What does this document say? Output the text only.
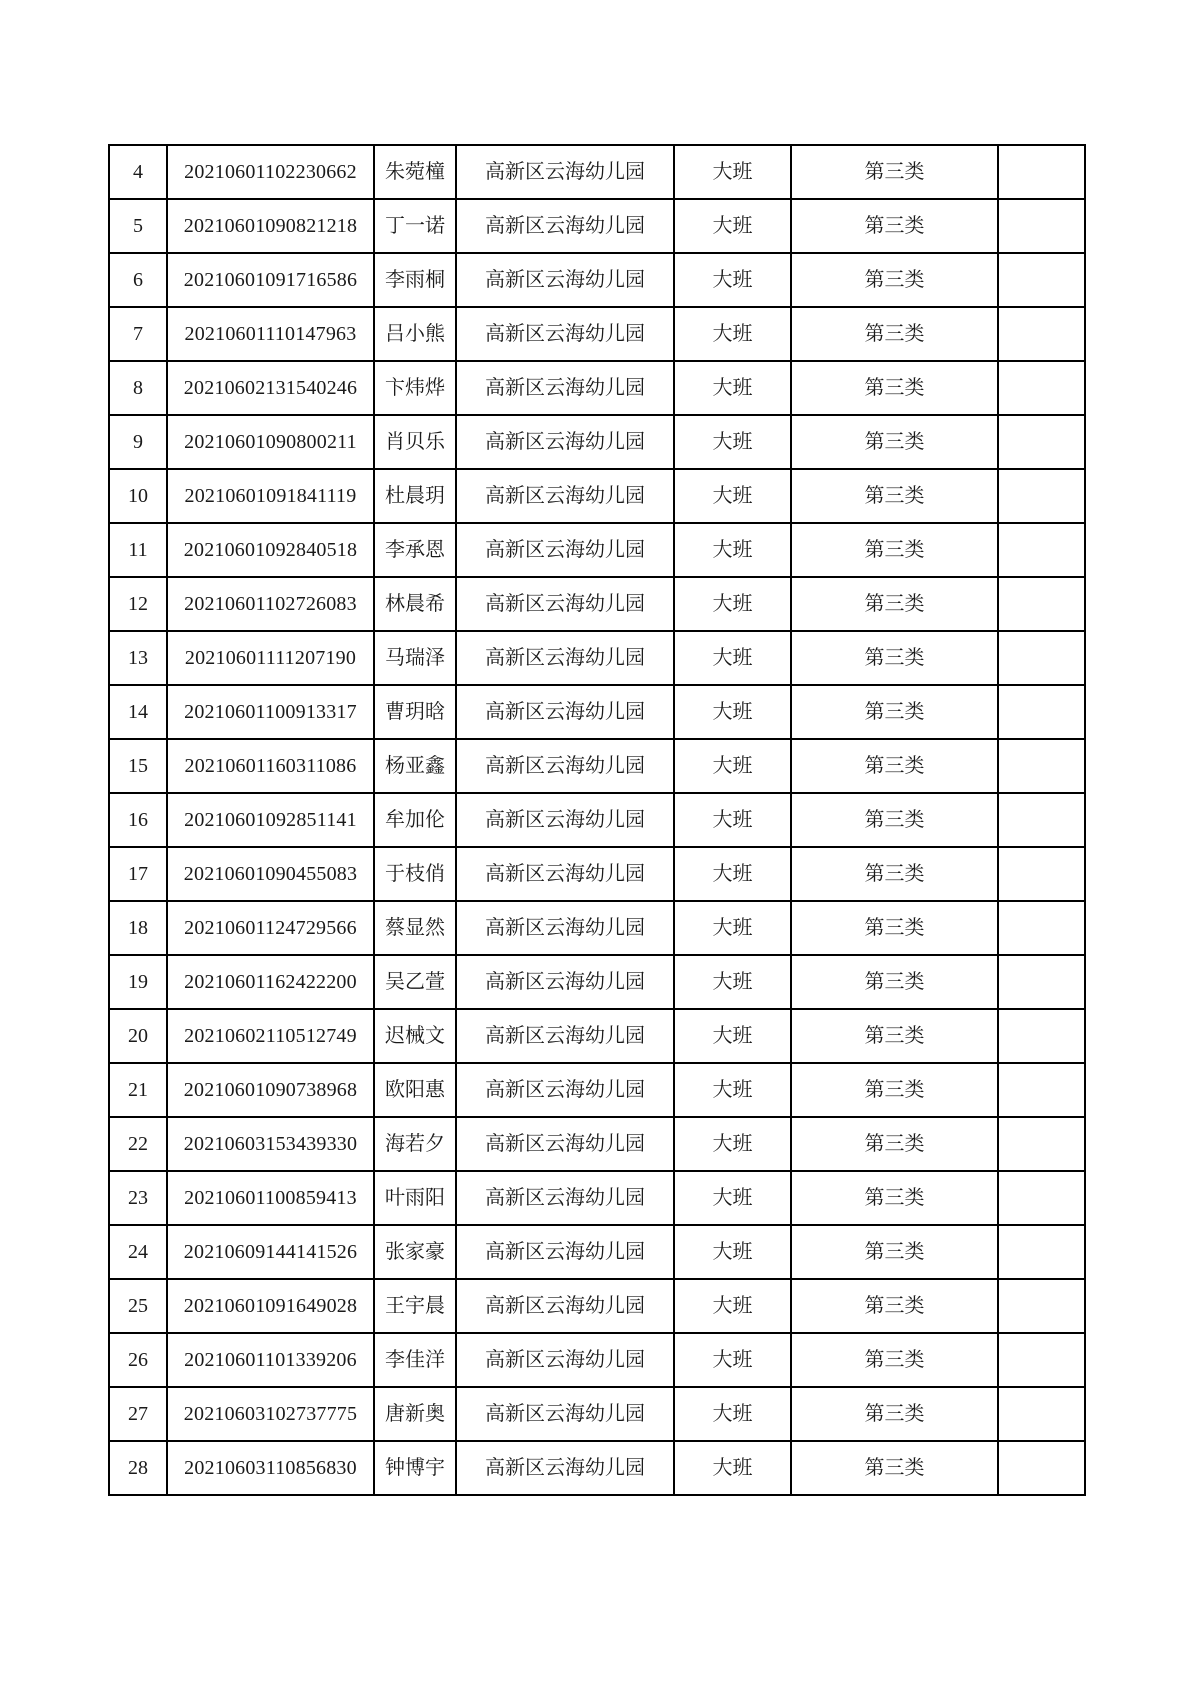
4	20210601102230662	朱菀橦	高新区云海幼儿园	大班	第三类	
5	20210601090821218	丁一诺	高新区云海幼儿园	大班	第三类	
6	20210601091716586	李雨桐	高新区云海幼儿园	大班	第三类	
7	20210601110147963	吕小熊	高新区云海幼儿园	大班	第三类	
8	20210602131540246	卞炜烨	高新区云海幼儿园	大班	第三类	
9	20210601090800211	肖贝乐	高新区云海幼儿园	大班	第三类	
10	20210601091841119	杜晨玥	高新区云海幼儿园	大班	第三类	
11	20210601092840518	李承恩	高新区云海幼儿园	大班	第三类	
12	20210601102726083	林晨希	高新区云海幼儿园	大班	第三类	
13	20210601111207190	马瑞泽	高新区云海幼儿园	大班	第三类	
14	20210601100913317	曹玥晗	高新区云海幼儿园	大班	第三类	
15	20210601160311086	杨亚鑫	高新区云海幼儿园	大班	第三类	
16	20210601092851141	牟加伦	高新区云海幼儿园	大班	第三类	
17	20210601090455083	于枝俏	高新区云海幼儿园	大班	第三类	
18	20210601124729566	蔡显然	高新区云海幼儿园	大班	第三类	
19	20210601162422200	吴乙萱	高新区云海幼儿园	大班	第三类	
20	20210602110512749	迟械文	高新区云海幼儿园	大班	第三类	
21	20210601090738968	欧阳惠	高新区云海幼儿园	大班	第三类	
22	20210603153439330	海若夕	高新区云海幼儿园	大班	第三类	
23	20210601100859413	叶雨阳	高新区云海幼儿园	大班	第三类	
24	20210609144141526	张家豪	高新区云海幼儿园	大班	第三类	
25	20210601091649028	王宇晨	高新区云海幼儿园	大班	第三类	
26	20210601101339206	李佳洋	高新区云海幼儿园	大班	第三类	
27	20210603102737775	唐新奥	高新区云海幼儿园	大班	第三类	
28	20210603110856830	钟博宇	高新区云海幼儿园	大班	第三类	
